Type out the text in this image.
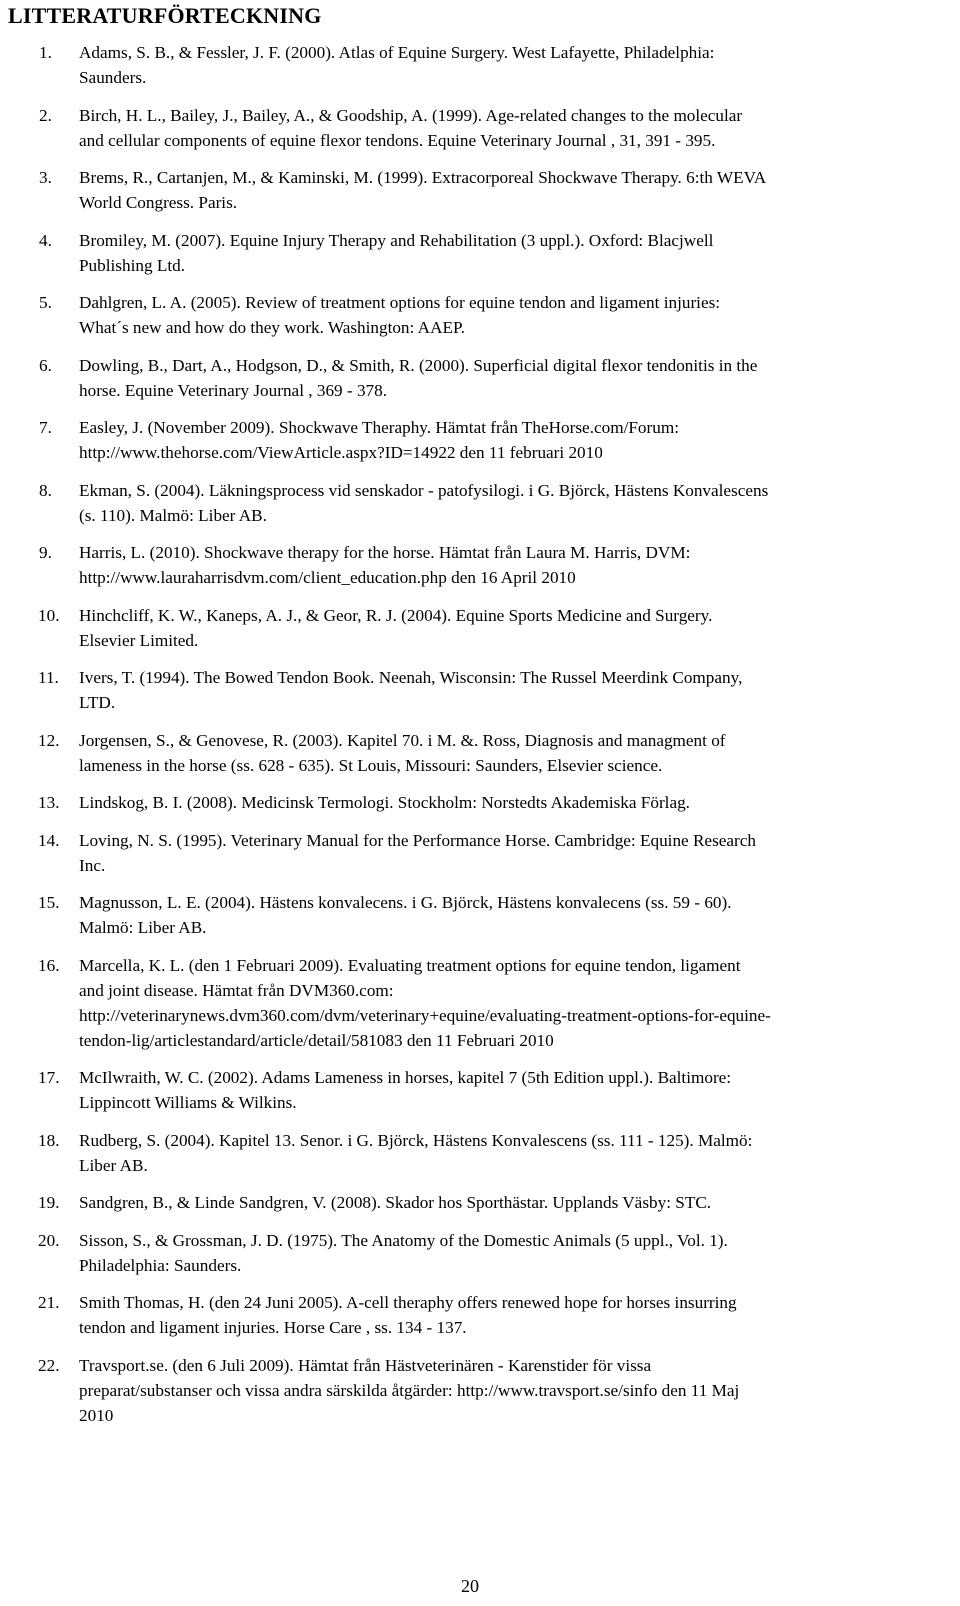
LITTERATURFÖRTECKNING
1. Adams, S. B., & Fessler, J. F. (2000). Atlas of Equine Surgery. West Lafayette, Philadelphia:
Saunders.
2. Birch, H. L., Bailey, J., Bailey, A., & Goodship, A. (1999). Age-related changes to the molecular
and cellular components of equine flexor tendons. Equine Veterinary Journal , 31, 391 - 395.
3. Brems, R., Cartanjen, M., & Kaminski, M. (1999). Extracorporeal Shockwave Therapy. 6:th WEVA
World Congress. Paris.
4. Bromiley, M. (2007). Equine Injury Therapy and Rehabilitation (3 uppl.). Oxford: Blacjwell
Publishing Ltd.
5. Dahlgren, L. A. (2005). Review of treatment options for equine tendon and ligament injuries:
What´s new and how do they work. Washington: AAEP.
6. Dowling, B., Dart, A., Hodgson, D., & Smith, R. (2000). Superficial digital flexor tendonitis in the
horse. Equine Veterinary Journal , 369 - 378.
7. Easley, J. (November 2009). Shockwave Theraphy. Hämtat från TheHorse.com/Forum:
http://www.thehorse.com/ViewArticle.aspx?ID=14922 den 11 februari 2010
8. Ekman, S. (2004). Läkningsprocess vid senskador - patofysilogi. i G. Björck, Hästens Konvalescens
(s. 110). Malmö: Liber AB.
9. Harris, L. (2010). Shockwave therapy for the horse. Hämtat från Laura M. Harris, DVM:
http://www.lauraharrisdvm.com/client_education.php den 16 April 2010
10. Hinchcliff, K. W., Kaneps, A. J., & Geor, R. J. (2004). Equine Sports Medicine and Surgery.
Elsevier Limited.
11. Ivers, T. (1994). The Bowed Tendon Book. Neenah, Wisconsin: The Russel Meerdink Company,
LTD.
12. Jorgensen, S., & Genovese, R. (2003). Kapitel 70. i M. &. Ross, Diagnosis and managment of
lameness in the horse (ss. 628 - 635). St Louis, Missouri: Saunders, Elsevier science.
13. Lindskog, B. I. (2008). Medicinsk Termologi. Stockholm: Norstedts Akademiska Förlag.
14. Loving, N. S. (1995). Veterinary Manual for the Performance Horse. Cambridge: Equine Research
Inc.
15. Magnusson, L. E. (2004). Hästens konvalecens. i G. Björck, Hästens konvalecens (ss. 59 - 60).
Malmö: Liber AB.
16. Marcella, K. L. (den 1 Februari 2009). Evaluating treatment options for equine tendon, ligament
and joint disease. Hämtat från DVM360.com:
http://veterinarynews.dvm360.com/dvm/veterinary+equine/evaluating-treatment-options-for-equine-
tendon-lig/articlestandard/article/detail/581083 den 11 Februari 2010
17. McIlwraith, W. C. (2002). Adams Lameness in horses, kapitel 7 (5th Edition uppl.). Baltimore:
Lippincott Williams & Wilkins.
18. Rudberg, S. (2004). Kapitel 13. Senor. i G. Björck, Hästens Konvalescens (ss. 111 - 125). Malmö:
Liber AB.
19. Sandgren, B., & Linde Sandgren, V. (2008). Skador hos Sporthästar. Upplands Väsby: STC.
20. Sisson, S., & Grossman, J. D. (1975). The Anatomy of the Domestic Animals (5 uppl., Vol. 1).
Philadelphia: Saunders.
21. Smith Thomas, H. (den 24 Juni 2005). A-cell theraphy offers renewed hope for horses insurring
tendon and ligament injuries. Horse Care , ss. 134 - 137.
22. Travsport.se. (den 6 Juli 2009). Hämtat från Hästveterinären - Karenstider för vissa
preparat/substanser och vissa andra särskilda åtgärder: http://www.travsport.se/sinfo den 11 Maj
2010
20
